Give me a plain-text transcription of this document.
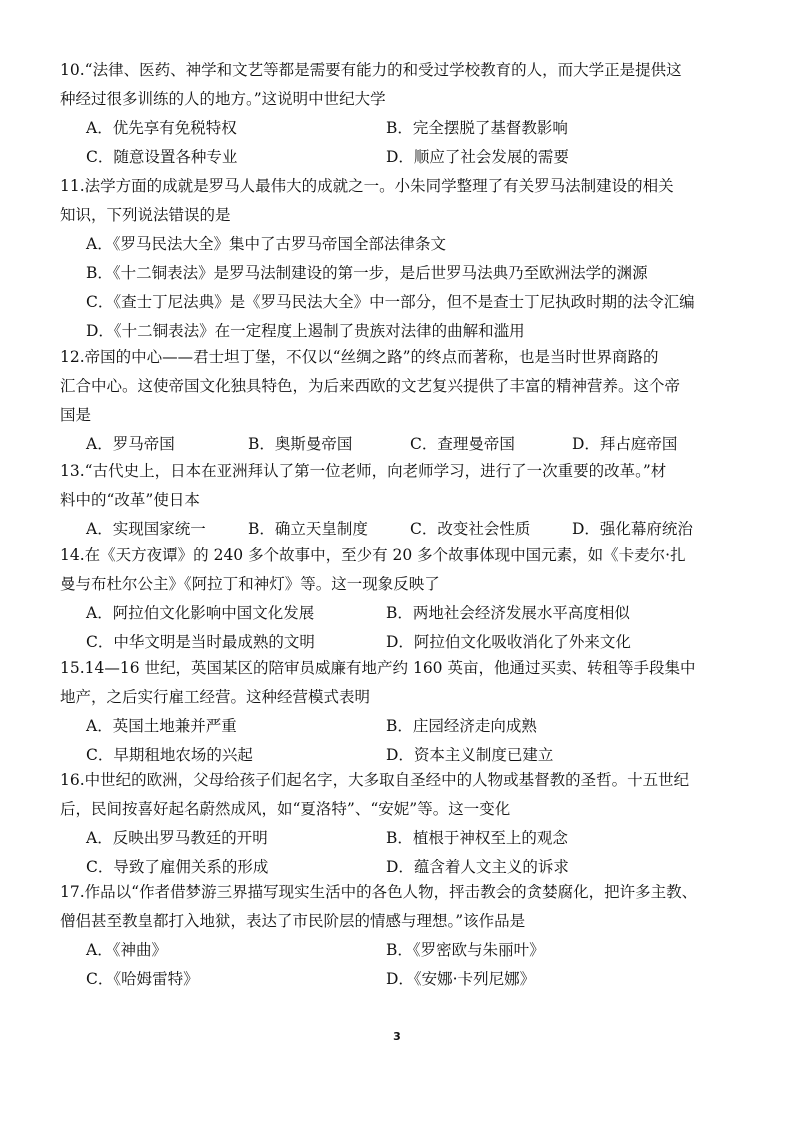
10.“法律、医药、神学和文艺等都是需要有能力的和受过学校教育的人，而大学正是提供这
种经过很多训练的人的地方。”这说明中世纪大学
A．优先享有免税特权	B．完全摆脱了基督教影响
C．随意设置各种专业	D．顺应了社会发展的需要
11.法学方面的成就是罗马人最伟大的成就之一。小朱同学整理了有关罗马法制建设的相关
知识，下列说法错误的是
A．《罗马民法大全》集中了古罗马帝国全部法律条文
B．《十二铜表法》是罗马法制建设的第一步，是后世罗马法典乃至欧洲法学的渊源
C．《查士丁尼法典》是《罗马民法大全》中一部分，但不是查士丁尼执政时期的法令汇编
D．《十二铜表法》在一定程度上遏制了贵族对法律的曲解和滥用
12.帝国的中心——君士坦丁堡，不仅以“丝绸之路”的终点而著称，也是当时世界商路的
汇合中心。这使帝国文化独具特色，为后来西欧的文艺复兴提供了丰富的精神营养。这个帝
国是
A．罗马帝国	B．奥斯曼帝国	C．查理曼帝国	D．拜占庭帝国
13.“古代史上，日本在亚洲拜认了第一位老师，向老师学习，进行了一次重要的改革。”材
料中的“改革”使日本
A．实现国家统一	B．确立天皇制度	C．改变社会性质	D．强化幕府统治
14.在《天方夜谭》的 240 多个故事中，至少有 20 多个故事体现中国元素，如《卡麦尔·扎
曼与布杜尔公主》《阿拉丁和神灯》等。这一现象反映了
A．阿拉伯文化影响中国文化发展	B．两地社会经济发展水平高度相似
C．中华文明是当时最成熟的文明	D．阿拉伯文化吸收消化了外来文化
15.14—16 世纪，英国某区的陪审员威廉有地产约 160 英亩，他通过买卖、转租等手段集中
地产，之后实行雇工经营。这种经营模式表明
A．英国土地兼并严重	B．庄园经济走向成熟
C．早期租地农场的兴起	D．资本主义制度已建立
16.中世纪的欧洲，父母给孩子们起名字，大多取自圣经中的人物或基督教的圣哲。十五世纪
后，民间按喜好起名蔚然成风，如“夏洛特”、“安妮”等。这一变化
A．反映出罗马教廷的开明	B．植根于神权至上的观念
C．导致了雇佣关系的形成	D．蕴含着人文主义的诉求
17.作品以“作者借梦游三界描写现实生活中的各色人物，抨击教会的贪婪腐化，把许多主教、
僧侣甚至教皇都打入地狱，表达了市民阶层的情感与理想。”该作品是
A．《神曲》	B．《罗密欧与朱丽叶》
C．《哈姆雷特》	D．《安娜·卡列尼娜》
3
